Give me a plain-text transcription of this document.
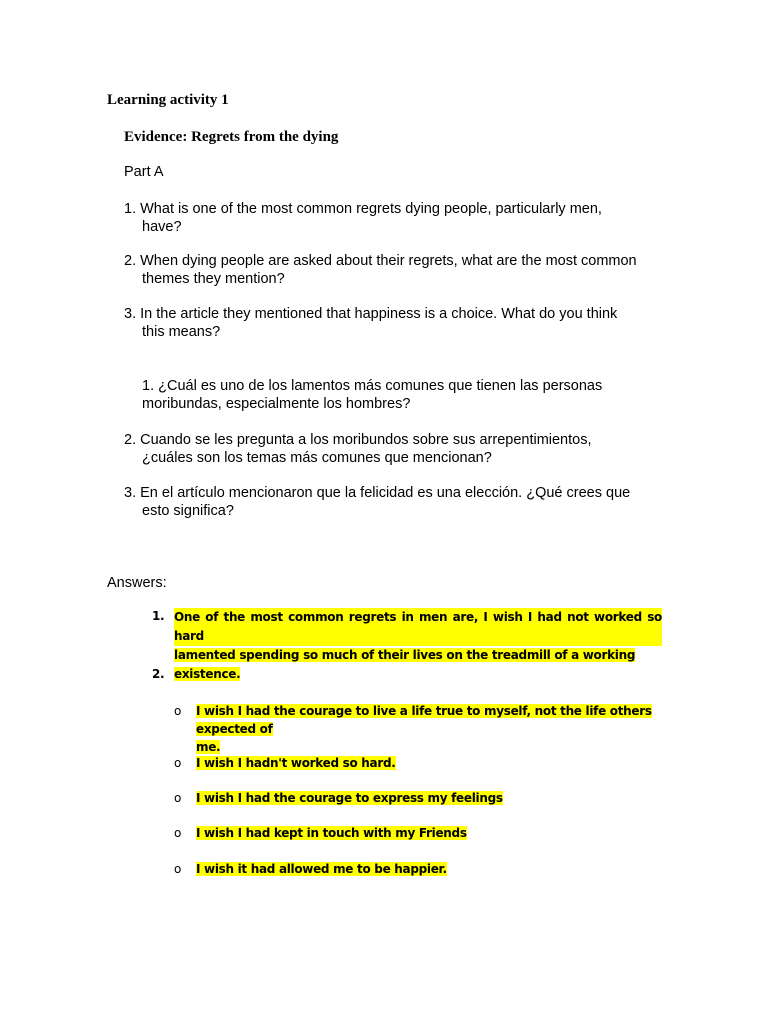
Learning activity 1
Evidence: Regrets from the dying
Part A
1. What is one of the most common regrets dying people, particularly men,
have?
2. When dying people are asked about their regrets, what are the most common
themes they mention?
3. In the article they mentioned that happiness is a choice. What do you think
this means?
1. ¿Cuál es uno de los lamentos más comunes que tienen las personas
moribundas, especialmente los hombres?
2. Cuando se les pregunta a los moribundos sobre sus arrepentimientos,
¿cuáles son los temas más comunes que mencionan?
3. En el artículo mencionaron que la felicidad es una elección. ¿Qué crees que
esto significa?
Answers:
1. One of the most common regrets in men are, I wish I had not worked so hard
lamented spending so much of their lives on the treadmill of a working existence.
2.
o I wish I had the courage to live a life true to myself, not the life others expected of
me.
o I wish I hadn't worked so hard.
o I wish I had the courage to express my feelings
o I wish I had kept in touch with my Friends
o I wish it had allowed me to be happier.
